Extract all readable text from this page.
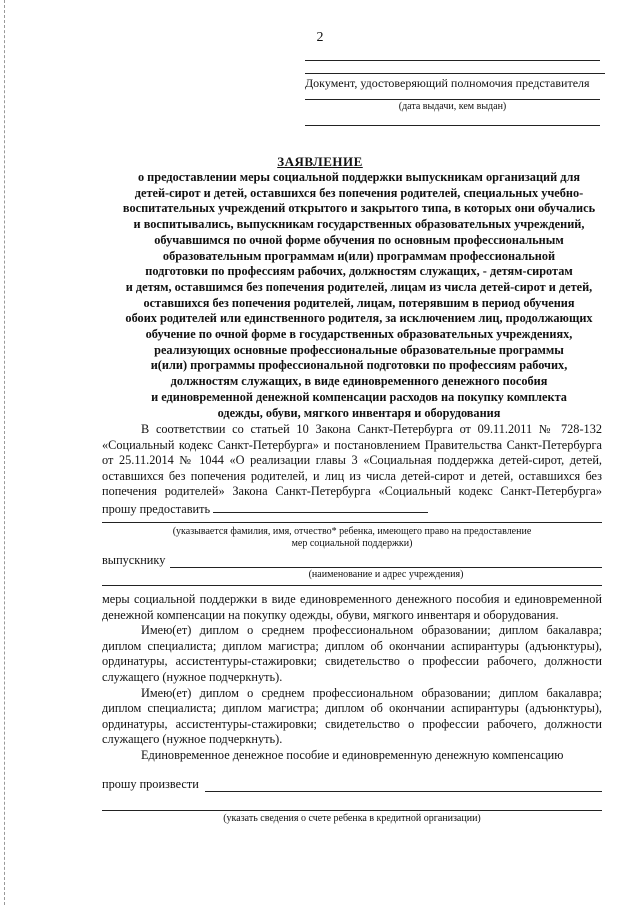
2
Документ, удостоверяющий полномочия представителя
(дата выдачи, кем выдан)
ЗАЯВЛЕНИЕ
о предоставлении меры социальной поддержки выпускникам организаций для
детей-сирот и детей, оставшихся без попечения родителей, специальных учебно-
воспитательных учреждений открытого и закрытого типа, в которых они обучались
и воспитывались, выпускникам государственных образовательных учреждений,
обучавшимся по очной форме обучения по основным профессиональным
образовательным программам и(или) программам профессиональной
подготовки по профессиям рабочих, должностям служащих, - детям-сиротам
и детям, оставшимся без попечения родителей, лицам из числа детей-сирот и детей,
оставшихся без попечения родителей, лицам, потерявшим в период обучения
обоих родителей или единственного родителя, за исключением лиц, продолжающих
обучение по очной форме в государственных образовательных учреждениях,
реализующих основные профессиональные образовательные программы
и(или) программы профессиональной подготовки по профессиям рабочих,
должностям служащих, в виде единовременного денежного пособия
и единовременной денежной компенсации расходов на покупку комплекта
одежды, обуви, мягкого инвентаря и оборудования

В соответствии со статьей 10 Закона Санкт-Петербурга от 09.11.2011 № 728-132 «Социальный кодекс Санкт-Петербурга» и постановлением Правительства Санкт-Петербурга от 25.11.2014 № 1044 «О реализации главы 3 «Социальная поддержка детей-сирот, детей, оставшихся без попечения родителей, и лиц из числа детей-сирот и детей, оставшихся без попечения родителей» Закона Санкт-Петербурга «Социальный кодекс Санкт-Петербурга» прошу предоставить

(указывается фамилия, имя, отчество* ребенка, имеющего право на предоставление
мер социальной поддержки)
выпускнику
(наименование и адрес учреждения)

меры социальной поддержки в виде единовременного денежного пособия и единовременной денежной компенсации на покупку одежды, обуви, мягкого инвентаря и оборудования.

Имею(ет) диплом о среднем профессиональном образовании; диплом бакалавра; диплом специалиста; диплом магистра; диплом об окончании аспирантуры (адъюнктуры), ординатуры, ассистентуры-стажировки; свидетельство о профессии рабочего, должности служащего (нужное подчеркнуть).

Имею(ет) диплом о среднем профессиональном образовании; диплом бакалавра; диплом специалиста; диплом магистра; диплом об окончании аспирантуры (адъюнктуры), ординатуры, ассистентуры-стажировки; свидетельство о профессии рабочего, должности служащего (нужное подчеркнуть).

Единовременное денежное пособие и единовременную денежную компенсацию

прошу произвести
(указать сведения о счете ребенка в кредитной организации)
